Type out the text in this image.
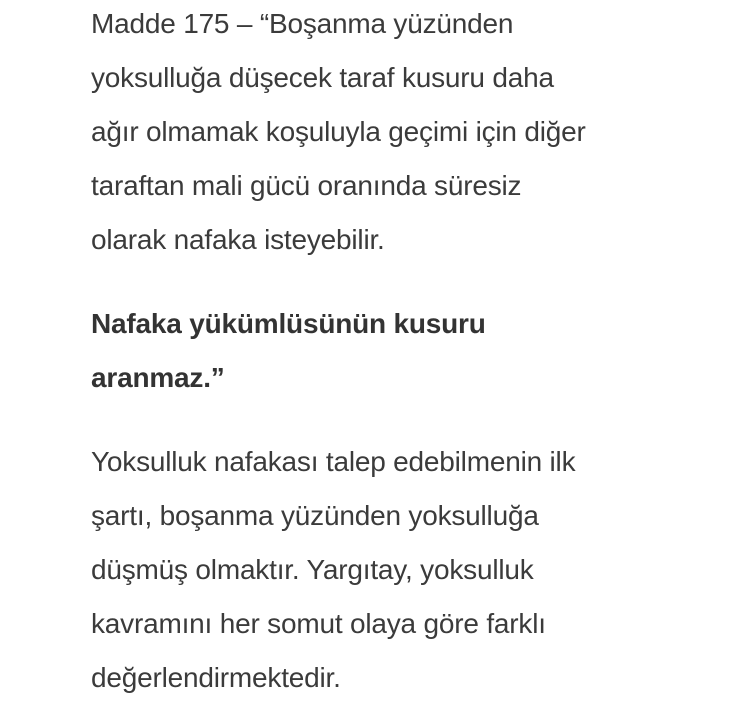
Madde 175 – “Boşanma yüzünden
yoksulluğa düşecek taraf kusuru daha
ağır olmamak koşuluyla geçimi için diğer
taraftan mali gücü oranında süresiz
olarak nafaka isteyebilir.

Nafaka yükümlüsünün kusuru
aranmaz.”

Yoksulluk nafakası talep edebilmenin ilk
şartı, boşanma yüzünden yoksulluğa
düşmüş olmaktır. Yargıtay, yoksulluk
kavramını her somut olaya göre farklı
değerlendirmektedir.
